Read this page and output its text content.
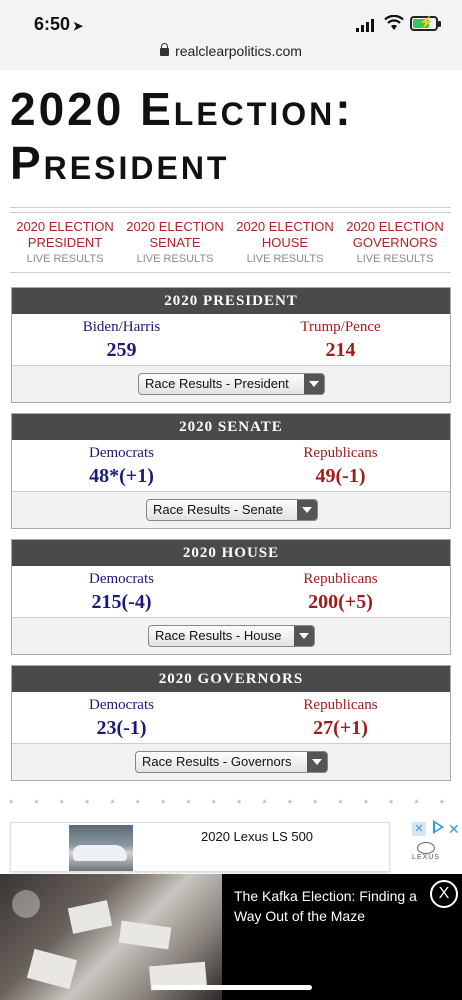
6:50 ➤	⚡
realclearpolitics.com
2020 Election: President
2020 ELECTION
PRESIDENT
LIVE RESULTS
2020 ELECTION
SENATE
LIVE RESULTS
2020 ELECTION
HOUSE
LIVE RESULTS
2020 ELECTION
GOVERNORS
LIVE RESULTS
2020 PRESIDENT
Biden/Harris
259
Trump/Pence
214
Race Results - President
2020 SENATE
Democrats
48*(+1)
Republicans
49(-1)
Race Results - Senate
2020 HOUSE
Democrats
215(-4)
Republicans
200(+5)
Race Results - House
2020 GOVERNORS
Democrats
23(-1)
Republicans
27(+1)
Race Results - Governors
* * * * * * * * * * * * * * * * * *
2020 Lexus LS 500	✕ ✕
LEXUS
The Kafka Election: Finding a Way Out of the Maze
X
